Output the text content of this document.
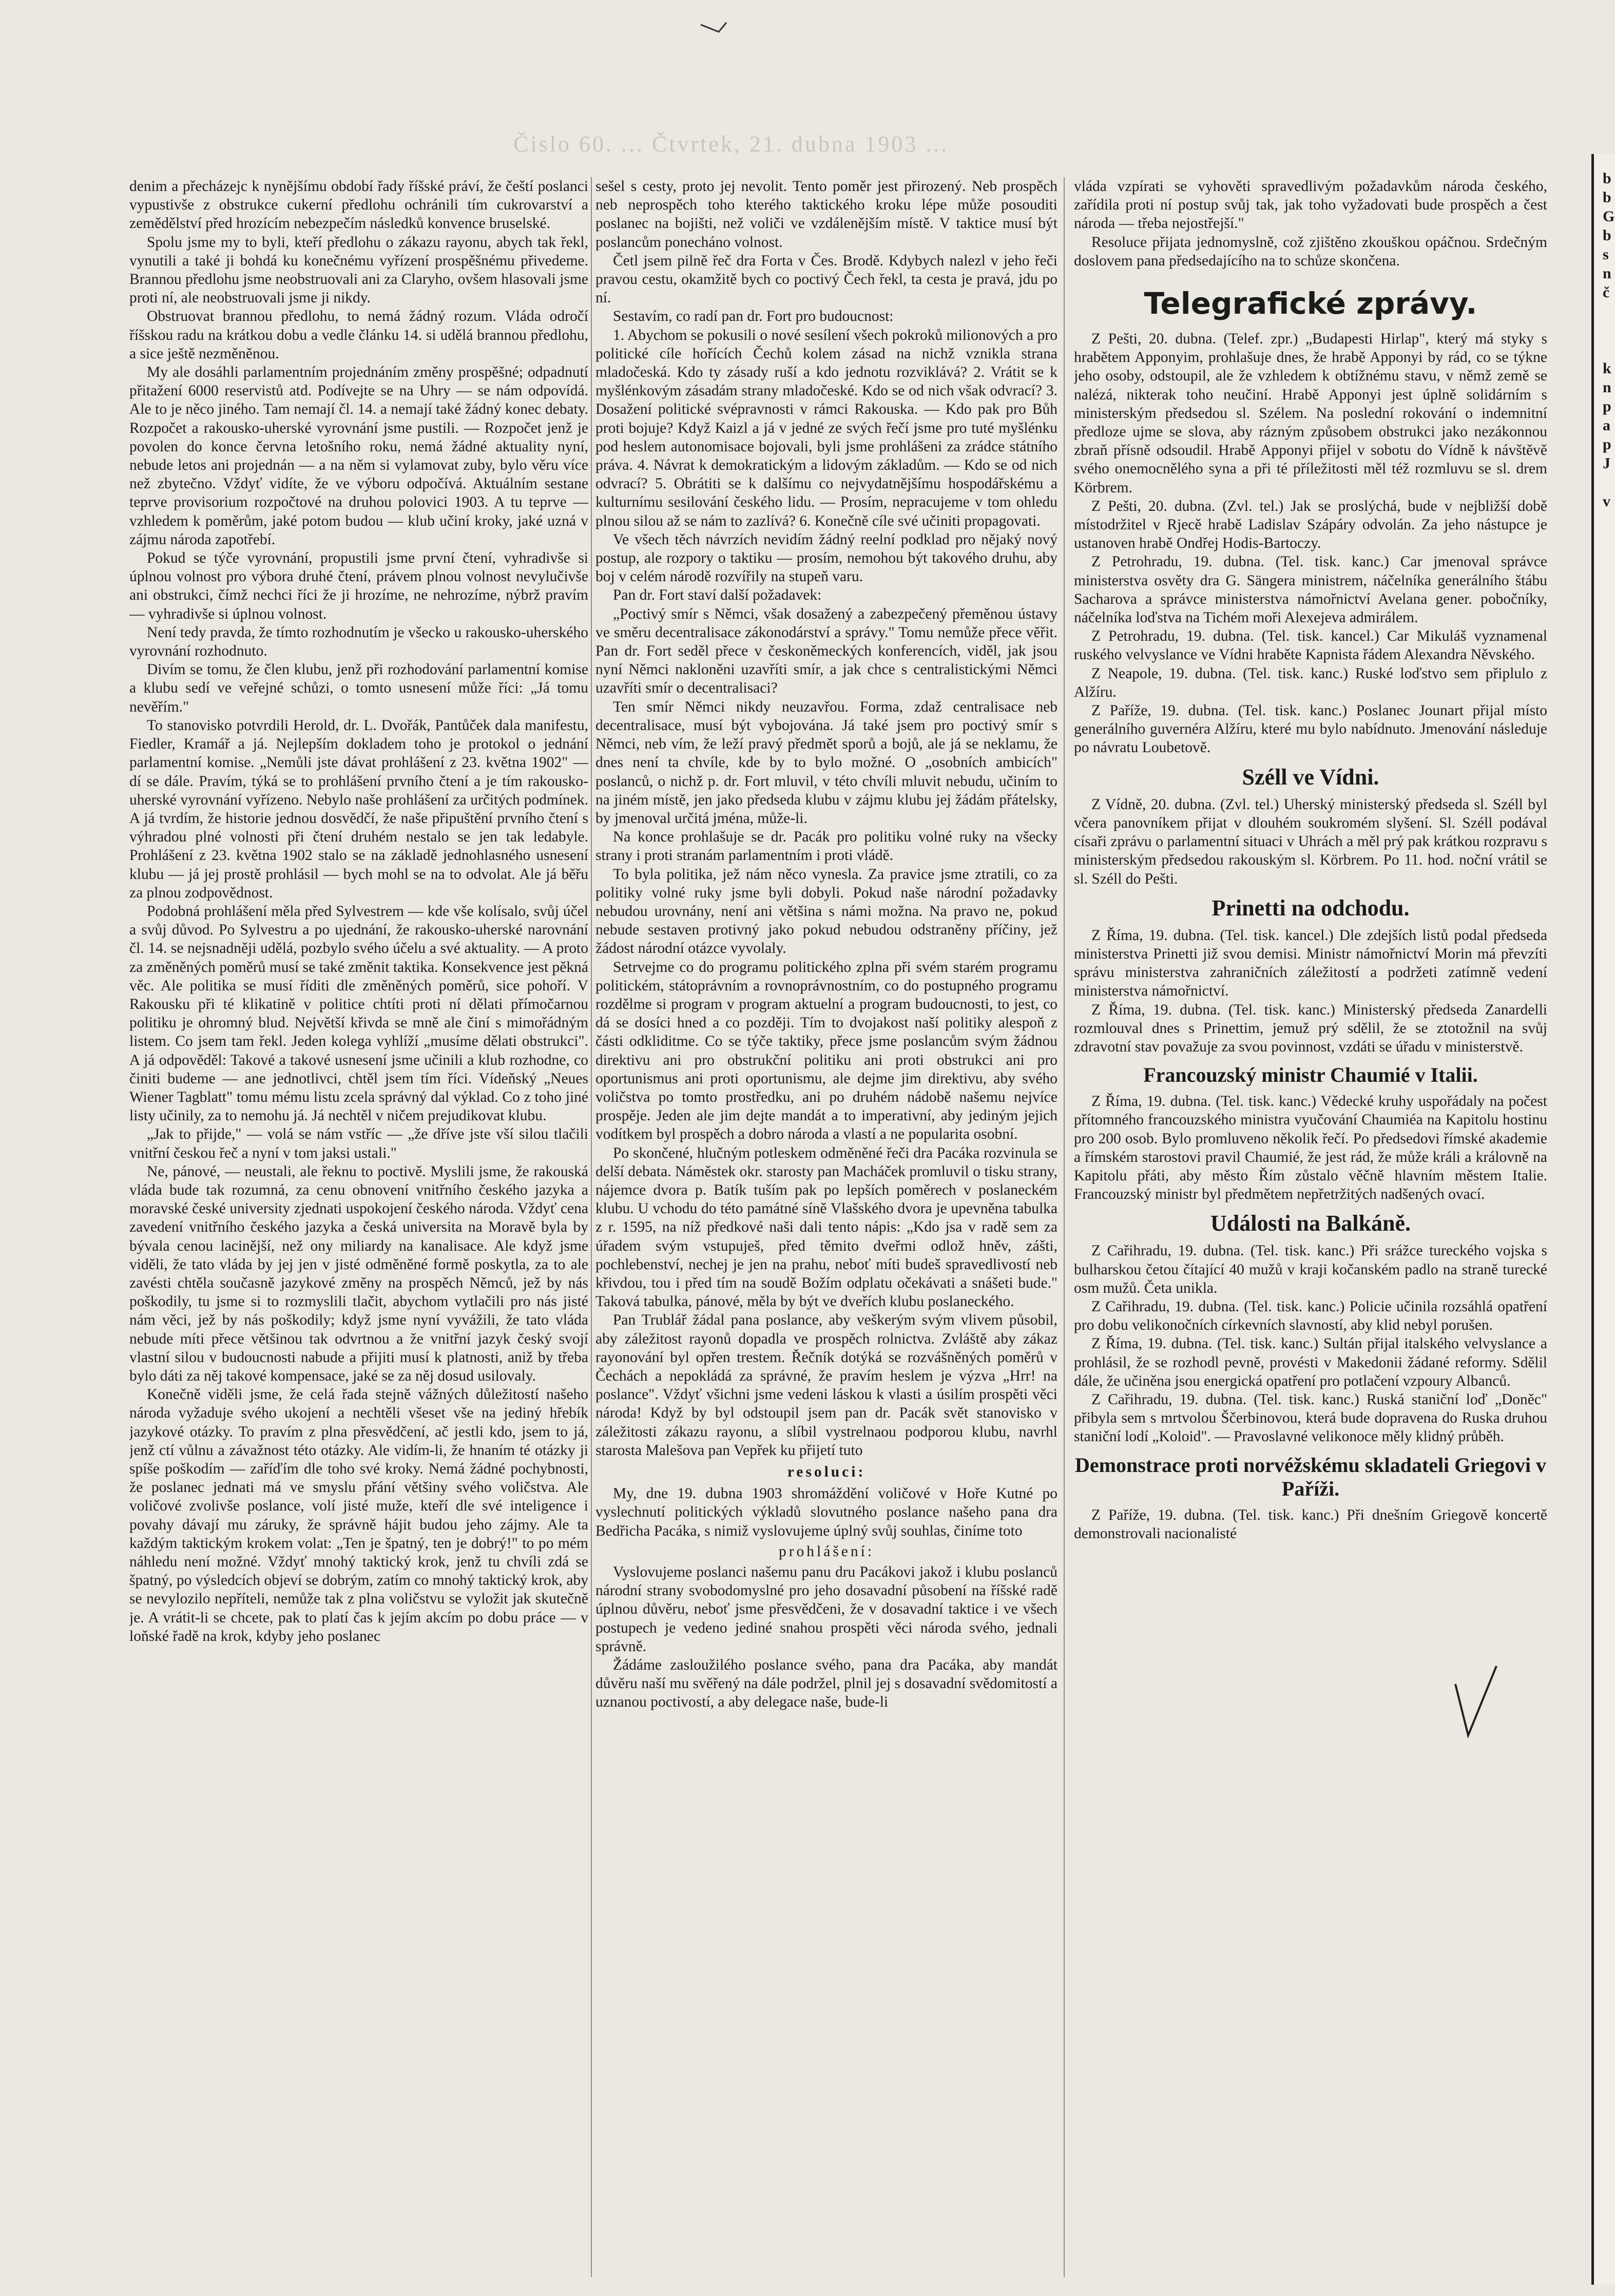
Čislo 60. ... Čtvrtek, 21. dubna 1903 ...

denim a přecházejc k nynějšímu období řady říšské práví, že čeští poslanci vypustivše z obstrukce cukerní předlohu ochránili tím cukrovarství a zemědělství před hrozícím nebezpečím následků konvence bruselské.

Spolu jsme my to byli, kteří předlohu o zákazu rayonu, abych tak řekl, vynutili a také ji bohdá ku konečnému vyřízení prospěšnému přivedeme. Brannou předlohu jsme neobstruovali ani za Claryho, ovšem hlasovali jsme proti ní, ale neobstruovali jsme ji nikdy.

Obstruovat brannou předlohu, to nemá žádný rozum. Vláda odročí říšskou radu na krátkou dobu a vedle článku 14. si udělá brannou předlohu, a sice ještě nezměněnou.

My ale dosáhli parlamentním projednáním změny prospěšné; odpadnutí přitažení 6000 reservistů atd. Podívejte se na Uhry — se nám odpovídá. Ale to je něco jiného. Tam nemají čl. 14. a nemají také žádný konec debaty. Rozpočet a rakousko-uherské vyrovnání jsme pustili. — Rozpočet jenž je povolen do konce června letošního roku, nemá žádné aktuality nyní, nebude letos ani projednán — a na něm si vylamovat zuby, bylo věru více než zbytečno. Vždyť vidíte, že ve výboru odpočívá. Aktuálním sestane teprve provisorium rozpočtové na druhou polovici 1903. A tu teprve — vzhledem k poměrům, jaké potom budou — klub učiní kroky, jaké uzná v zájmu národa zapotřebí.

Pokud se týče vyrovnání, propustili jsme první čtení, vyhradivše si úplnou volnost pro výbora druhé čtení, právem plnou volnost nevylučivše ani obstrukci, čímž nechci říci že ji hrozíme, ne nehrozíme, nýbrž pravím — vyhradivše si úplnou volnost.

Není tedy pravda, že tímto rozhodnutím je všecko u rakousko-uherského vyrovnání rozhodnuto.

Divím se tomu, že člen klubu, jenž při rozhodování parlamentní komise a klubu sedí ve veřejné schůzi, o tomto usnesení může říci: „Já tomu nevěřím."

To stanovisko potvrdili Herold, dr. L. Dvořák, Pantůček dala manifestu, Fiedler, Kramář a já. Nejlepším dokladem toho je protokol o jednání parlamentní komise. „Nemůli jste dávat prohlášení z 23. května 1902" — dí se dále. Pravím, týká se to prohlášení prvního čtení a je tím rakousko-uherské vyrovnání vyřízeno. Nebylo naše prohlášení za určitých podmínek. A já tvrdím, že historie jednou dosvědčí, že naše připuštění prvního čtení s výhradou plné volnosti při čtení druhém nestalo se jen tak ledabyle. Prohlášení z 23. května 1902 stalo se na základě jednohlasného usnesení klubu — já jej prostě prohlásil — bych mohl se na to odvolat. Ale já běřu za plnou zodpovědnost.

Podobná prohlášení měla před Sylvestrem — kde vše kolísalo, svůj účel a svůj důvod. Po Sylvestru a po ujednání, že rakousko-uherské narovnání čl. 14. se nejsnadněji udělá, pozbylo svého účelu a své aktuality. — A proto za změněných poměrů musí se také změnit taktika. Konsekvence jest pěkná věc. Ale politika se musí říditi dle změněných poměrů, sice pohoří. V Rakousku při té klikatině v politice chtíti proti ní dělati přímočarnou politiku je ohromný blud. Největší křivda se mně ale činí s mimořádným listem. Co jsem tam řekl. Jeden kolega vyhlíží „musíme dělati obstrukci". A já odpověděl: Takové a takové usnesení jsme učinili a klub rozhodne, co činiti budeme — ane jednotlivci, chtěl jsem tím říci. Vídeňský „Neues Wiener Tagblatt" tomu mému listu zcela správný dal výklad. Co z toho jiné listy učinily, za to nemohu já. Já nechtěl v ničem prejudikovat klubu.

„Jak to přijde," — volá se nám vstříc — „že dříve jste vší silou tlačili vnitřní českou řeč a nyní v tom jaksi ustali."

Ne, pánové, — neustali, ale řeknu to poctivě. Myslili jsme, že rakouská vláda bude tak rozumná, za cenu obnovení vnitřního českého jazyka a moravské české university zjednati uspokojení českého národa. Vždyť cena zavedení vnitřního českého jazyka a česká universita na Moravě byla by bývala cenou lacinější, než ony miliardy na kanalisace. Ale když jsme viděli, že tato vláda by jej jen v jisté odměněné formě poskytla, za to ale zavésti chtěla současně jazykové změny na prospěch Němců, jež by nás poškodily, tu jsme si to rozmyslili tlačit, abychom vytlačili pro nás jisté nám věci, jež by nás poškodily; když jsme nyní vyvážili, že tato vláda nebude míti přece většinou tak odvrtnou a že vnitřní jazyk český svojí vlastní silou v budoucnosti nabude a přijiti musí k platnosti, aniž by třeba bylo dáti za něj takové kompensace, jaké se za něj dosud usilovaly.

Konečně viděli jsme, že celá řada stejně vážných důležitostí našeho národa vyžaduje svého ukojení a nechtěli všeset vše na jediný hřebík jazykové otázky. To pravím z plna přesvědčení, ač jestli kdo, jsem to já, jenž ctí vůlnu a závažnost této otázky. Ale vidím-li, že hnaním té otázky ji spíše poškodím — zaříďím dle toho své kroky. Nemá žádné pochybnosti, že poslanec jednati má ve smyslu přání většiny svého voličstva. Ale voličové zvolivše poslance, volí jisté muže, kteří dle své inteligence i povahy dávají mu záruky, že správně hájit budou jeho zájmy. Ale ta každým taktickým krokem volat: „Ten je špatný, ten je dobrý!" to po mém náhledu není možné. Vždyť mnohý taktický krok, jenž tu chvíli zdá se špatný, po výsledcích objeví se dobrým, zatím co mnohý taktický krok, aby se nevylozilo nepříteli, nemůže tak z plna voličstvu se vyložit jak skutečně je. A vrátit-li se chcete, pak to platí čas k jejím akcím po dobu práce — v loňské řadě na krok, kdyby jeho poslanec

sešel s cesty, proto jej nevolit. Tento poměr jest přirozený. Neb prospěch neb neprospěch toho kterého taktického kroku lépe může posouditi poslanec na bojišti, než voliči ve vzdálenějším místě. V taktice musí být poslancům ponecháno volnost.

Četl jsem pilně řeč dra Forta v Čes. Brodě. Kdybych nalezl v jeho řeči pravou cestu, okamžitě bych co poctivý Čech řekl, ta cesta je pravá, jdu po ní.

Sestavím, co radí pan dr. Fort pro budoucnost:

1. Abychom se pokusili o nové sesílení všech pokroků milionových a pro politické cíle hořících Čechů kolem zásad na nichž vznikla strana mladočeská. Kdo ty zásady ruší a kdo jednotu rozviklává? 2. Vrátit se k myšlénkovým zásadám strany mladočeské. Kdo se od nich však odvrací? 3. Dosažení politické svépravnosti v rámci Rakouska. — Kdo pak pro Bůh proti bojuje? Když Kaizl a já v jedné ze svých řečí jsme pro tuté myšlénku pod heslem autonomisace bojovali, byli jsme prohlášeni za zrádce státního práva. 4. Návrat k demokratickým a lidovým základům. — Kdo se od nich odvrací? 5. Obrátiti se k dalšímu co nejvydatnějšímu hospodářskému a kulturnímu sesilování českého lidu. — Prosím, nepracujeme v tom ohledu plnou silou až se nám to zazlívá? 6. Konečně cíle své učiniti propagovati.

Ve všech těch návrzích nevidím žádný reelní podklad pro nějaký nový postup, ale rozpory o taktiku — prosím, nemohou být takového druhu, aby boj v celém národě rozvířily na stupeň varu.

Pan dr. Fort staví další požadavek:

„Poctivý smír s Němci, však dosažený a zabezpečený přeměnou ústavy ve směru decentralisace zákonodárství a správy." Tomu nemůže přece věřit. Pan dr. Fort seděl přece v českoněmeckých konferencích, viděl, jak jsou nyní Němci nakloněni uzavříti smír, a jak chce s centralistickými Němci uzavříti smír o decentralisaci?

Ten smír Němci nikdy neuzavřou. Forma, zdaž centralisace neb decentralisace, musí být vybojována. Já také jsem pro poctivý smír s Němci, neb vím, že leží pravý předmět sporů a bojů, ale já se neklamu, že dnes není ta chvíle, kde by to bylo možné. O „osobních ambicích" poslanců, o nichž p. dr. Fort mluvil, v této chvíli mluvit nebudu, učiním to na jiném místě, jen jako předseda klubu v zájmu klubu jej žádám přátelsky, by jmenoval určitá jména, může-li.

Na konce prohlašuje se dr. Pacák pro politiku volné ruky na všecky strany i proti stranám parlamentním i proti vládě.

To byla politika, jež nám něco vynesla. Za pravice jsme ztratili, co za politiky volné ruky jsme byli dobyli. Pokud naše národní požadavky nebudou urovnány, není ani většina s námi možna. Na pravo ne, pokud nebude sestaven protivný jako pokud nebudou odstraněny příčiny, jež žádost národní otázce vyvolaly.

Setrvejme co do programu politického zplna při svém starém programu politickém, státoprávním a rovnoprávnostním, co do postupného programu rozdělme si program v program aktuelní a program budoucnosti, to jest, co dá se dosíci hned a co později. Tím to dvojakost naší politiky alespoň z části odkliditme. Co se týče taktiky, přece jsme poslancům svým žádnou direktivu ani pro obstrukční politiku ani proti obstrukci ani pro oportunismus ani proti oportunismu, ale dejme jim direktivu, aby svého voličstva po tomto prostředku, ani po druhém nádobě našemu nejvíce prospěje. Jeden ale jim dejte mandát a to imperativní, aby jediným jejich vodítkem byl prospěch a dobro národa a vlastí a ne popularita osobní.

Po skončené, hlučným potleskem odměněné řeči dra Pacáka rozvinula se delší debata. Náměstek okr. starosty pan Macháček promluvil o tisku strany, nájemce dvora p. Batík tuším pak po lepších poměrech v poslaneckém klubu. U vchodu do této památné síně Vlašského dvora je upevněna tabulka z r. 1595, na níž předkové naši dali tento nápis: „Kdo jsa v radě sem za úřadem svým vstupuješ, před těmito dveřmi odlož hněv, zášti, pochlebenství, nechej je jen na prahu, neboť míti budeš spravedlivostí neb křivdou, tou i před tím na soudě Božím odplatu očekávati a snášeti bude." Taková tabulka, pánové, měla by být ve dveřích klubu poslaneckého.

Pan Trublář žádal pana poslance, aby veškerým svým vlivem působil, aby záležitost rayonů dopadla ve prospěch rolnictva. Zvláště aby zákaz rayonování byl opřen trestem. Řečník dotýká se rozvášněných poměrů v Čechách a nepokládá za správné, že pravím heslem je výzva „Hrr! na poslance". Vždyť všichni jsme vedeni láskou k vlasti a úsilím prospěti věci národa! Když by byl odstoupil jsem pan dr. Pacák svět stanovisko v záležitosti zákazu rayonu, a slíbil vystrelnaou podporou klubu, navrhl starosta Malešova pan Vepřek ku přijetí tuto

resoluci:

My, dne 19. dubna 1903 shromáždění voličové v Hoře Kutné po vyslechnutí politických výkladů slovutného poslance našeho pana dra Bedřicha Pacáka, s nimiž vyslovujeme úplný svůj souhlas, činíme toto

prohlášení:

Vyslovujeme poslanci našemu panu dru Pacákovi jakož i klubu poslanců národní strany svobodomyslné pro jeho dosavadní působení na říšské radě úplnou důvěru, neboť jsme přesvědčeni, že v dosavadní taktice i ve všech postupech je vedeno jediné snahou prospěti věci národa svého, jednali správně.

Žádáme zasloužilého poslance svého, pana dra Pacáka, aby mandát důvěru naší mu svěřený na dále podržel, plnil jej s dosavadní svědomitostí a uznanou poctivostí, a aby delegace naše, bude-li

vláda vzpírati se vyhověti spravedlivým požadavkům národa českého, zařídila proti ní postup svůj tak, jak toho vyžadovati bude prospěch a čest národa — třeba nejostřejší."

Resoluce přijata jednomyslně, což zjištěno zkouškou opáčnou. Srdečným doslovem pana předsedajícího na to schůze skončena.

Telegrafické zprávy.

Z Pešti, 20. dubna. (Telef. zpr.) „Budapesti Hirlap", který má styky s hrabětem Apponyim, prohlašuje dnes, že hrabě Apponyi by rád, co se týkne jeho osoby, odstoupil, ale že vzhledem k obtížnému stavu, v němž země se nalézá, nikterak toho neučiní. Hrabě Apponyi jest úplně solidárním s ministerským předsedou sl. Szélem. Na poslední rokování o indemnitní předloze ujme se slova, aby rázným způsobem obstrukci jako nezákonnou zbraň přísně odsoudil. Hrabě Apponyi přijel v sobotu do Vídně k návštěvě svého onemocnělého syna a při té příležitosti měl též rozmluvu se sl. drem Körbrem.

Z Pešti, 20. dubna. (Zvl. tel.) Jak se proslýchá, bude v nejbližší době místodržitel v Rjecě hrabě Ladislav Szápáry odvolán. Za jeho nástupce je ustanoven hrabě Ondřej Hodis-Bartoczy.

Z Petrohradu, 19. dubna. (Tel. tisk. kanc.) Car jmenoval správce ministerstva osvěty dra G. Sängera ministrem, náčelníka generálního štábu Sacharova a správce ministerstva námořnictví Avelana gener. pobočníky, náčelníka loďstva na Tichém moři Alexejeva admirálem.

Z Petrohradu, 19. dubna. (Tel. tisk. kancel.) Car Mikuláš vyznamenal ruského velvyslance ve Vídni hraběte Kapnista řádem Alexandra Něvského.

Z Neapole, 19. dubna. (Tel. tisk. kanc.) Ruské loďstvo sem připlulo z Alžíru.

Z Paříže, 19. dubna. (Tel. tisk. kanc.) Poslanec Jounart přijal místo generálního guvernéra Alžíru, které mu bylo nabídnuto. Jmenování následuje po návratu Loubetově.

Széll ve Vídni.

Z Vídně, 20. dubna. (Zvl. tel.) Uherský ministerský předseda sl. Széll byl včera panovníkem přijat v dlouhém soukromém slyšení. Sl. Széll podával císaři zprávu o parlamentní situaci v Uhrách a měl prý pak krátkou rozpravu s ministerským předsedou rakouským sl. Körbrem. Po 11. hod. noční vrátil se sl. Széll do Pešti.

Prinetti na odchodu.

Z Říma, 19. dubna. (Tel. tisk. kancel.) Dle zdejších listů podal předseda ministerstva Prinetti již svou demisi. Ministr námořnictví Morin má převzíti správu ministerstva zahraničních záležitostí a podržeti zatímně vedení ministerstva námořnictví.

Z Říma, 19. dubna. (Tel. tisk. kanc.) Ministerský předseda Zanardelli rozmlouval dnes s Prinettim, jemuž prý sdělil, že se ztotožnil na svůj zdravotní stav považuje za svou povinnost, vzdáti se úřadu v ministerstvě.

Francouzský ministr Chaumié v Italii.

Z Říma, 19. dubna. (Tel. tisk. kanc.) Vědecké kruhy uspořádaly na počest přítomného francouzského ministra vyučování Chaumiéa na Kapitolu hostinu pro 200 osob. Bylo promluveno několik řečí. Po předsedovi římské akademie a římském starostovi pravil Chaumié, že jest rád, že může králi a královně na Kapitolu přáti, aby město Řím zůstalo věčně hlavním městem Italie. Francouzský ministr byl předmětem nepřetržitých nadšených ovací.

Události na Balkáně.

Z Cařihradu, 19. dubna. (Tel. tisk. kanc.) Při srážce tureckého vojska s bulharskou četou čítající 40 mužů v kraji kočanském padlo na straně turecké osm mužů. Četa unikla.

Z Cařihradu, 19. dubna. (Tel. tisk. kanc.) Policie učinila rozsáhlá opatření pro dobu velikonočních církevních slavností, aby klid nebyl porušen.

Z Říma, 19. dubna. (Tel. tisk. kanc.) Sultán přijal italského velvyslance a prohlásil, že se rozhodl pevně, provésti v Makedonii žádané reformy. Sdělil dále, že učiněna jsou energická opatření pro potlačení vzpoury Albanců.

Z Cařihradu, 19. dubna. (Tel. tisk. kanc.) Ruská staniční loď „Doněc" přibyla sem s mrtvolou Ščerbinovou, která bude dopravena do Ruska druhou staniční lodí „Koloid". — Pravoslavné velikonoce měly klidný průběh.

Demonstrace proti norvéžskému skladateli Griegovi v Paříži.

Z Paříže, 19. dubna. (Tel. tisk. kanc.) Při dnešním Griegově koncertě demonstrovali nacionalisté

b
b
G
b
s
n
č
k
n
p
a
p
J
v
